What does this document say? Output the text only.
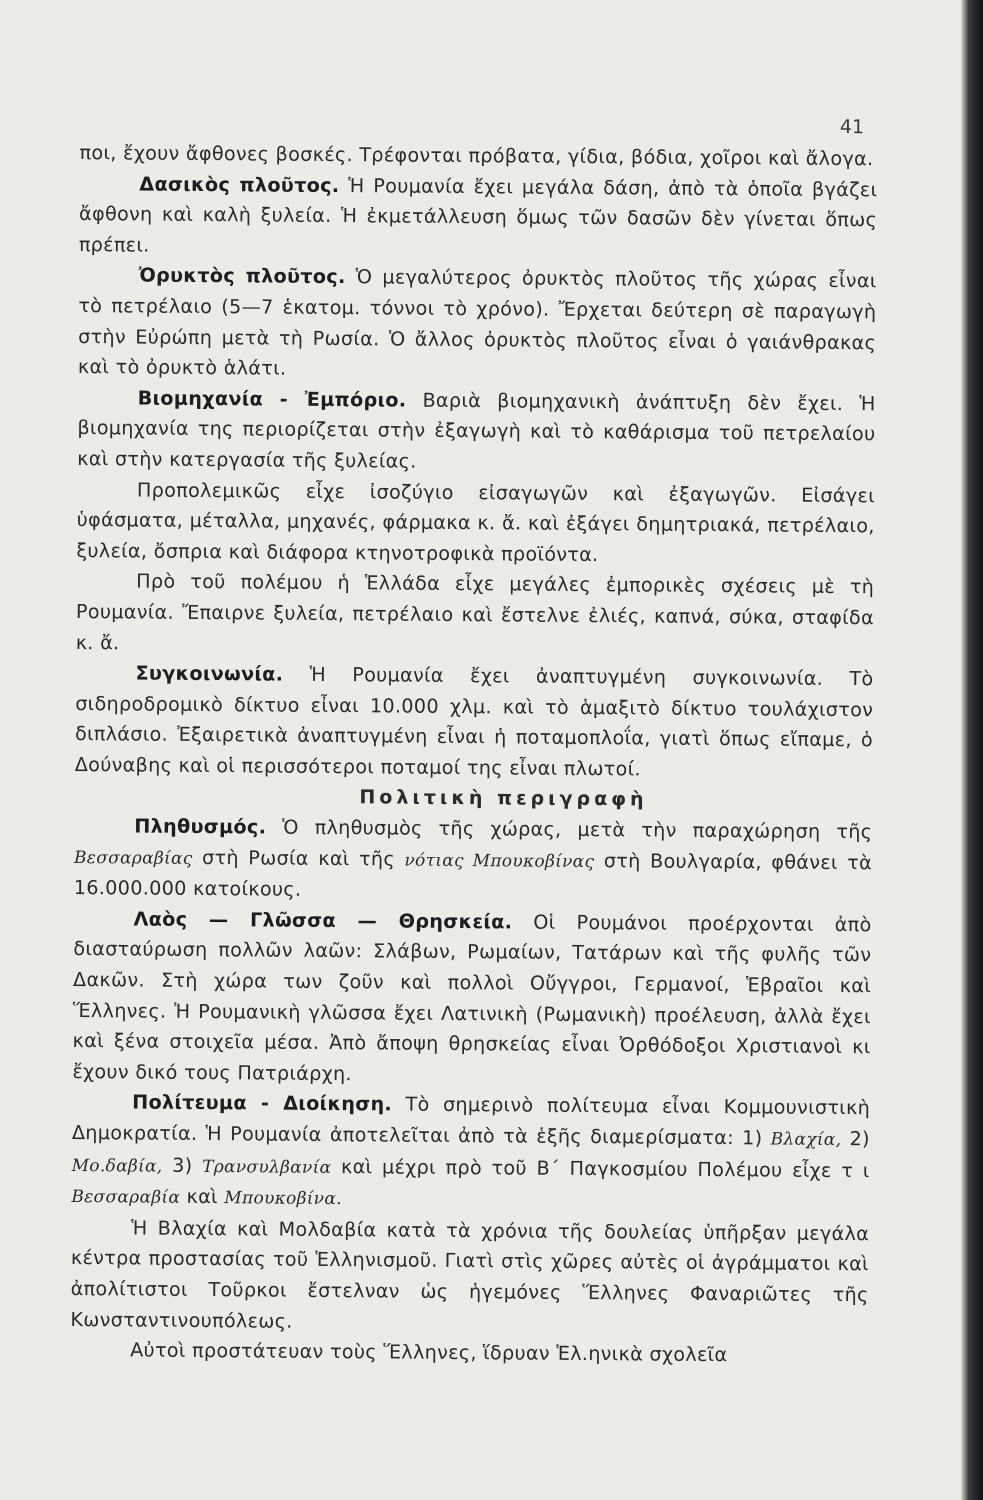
41

ποι, ἔχουν ἄφθονες βοσκές. Τρέφονται πρόβατα, γίδια, βόδια, χοῖροι καὶ ἄλογα.

Δασικὸς πλοῦτος. Ἡ Ρουμανία ἔχει μεγάλα δάση, ἀπὸ τὰ ὁποῖα βγάζει ἄφθονη καὶ καλὴ ξυλεία. Ἡ ἐκμετάλλευση ὅμως τῶν δασῶν δὲν γίνεται ὅπως πρέπει.

Ὀρυκτὸς πλοῦτος. Ὁ μεγαλύτερος ὀρυκτὸς πλοῦτος τῆς χώρας εἶναι τὸ πετρέλαιο (5—7 ἑκατομ. τόννοι τὸ χρόνο). Ἔρχεται δεύτερη σὲ παραγωγὴ στὴν Εὐρώπη μετὰ τὴ Ρωσία. Ὁ ἄλλος ὀρυκτὸς πλοῦτος εἶναι ὁ γαιάνθρακας καὶ τὸ ὀρυκτὸ ἁλάτι.

Βιομηχανία - Ἐμπόριο. Βαριὰ βιομηχανικὴ ἀνάπτυξη δὲν ἔχει. Ἡ βιομηχανία της περιορίζεται στὴν ἐξαγωγὴ καὶ τὸ καθάρισμα τοῦ πετρελαίου καὶ στὴν κατεργασία τῆς ξυλείας.

Προπολεμικῶς εἶχε ἰσοζύγιο εἰσαγωγῶν καὶ ἐξαγωγῶν. Εἰσάγει ὑφάσματα, μέταλλα, μηχανές, φάρμακα κ. ἄ. καὶ ἐξάγει δημητριακά, πετρέλαιο, ξυλεία, ὄσπρια καὶ διάφορα κτηνοτροφικὰ προϊόντα.

Πρὸ τοῦ πολέμου ἡ Ἑλλάδα εἶχε μεγάλες ἐμπορικὲς σχέσεις μὲ τὴ Ρουμανία. Ἔπαιρνε ξυλεία, πετρέλαιο καὶ ἔστελνε ἐλιές, καπνά, σύκα, σταφίδα κ. ἄ.

Συγκοινωνία. Ἡ Ρουμανία ἔχει ἀναπτυγμένη συγκοινωνία. Τὸ σιδηροδρομικὸ δίκτυο εἶναι 10.000 χλμ. καὶ τὸ ἁμαξιτὸ δίκτυο τουλάχιστον διπλάσιο. Ἐξαιρετικὰ ἀναπτυγμένη εἶναι ἡ ποταμοπλοΐα, γιατὶ ὅπως εἴπαμε, ὁ Δούναβης καὶ οἱ περισσότεροι ποταμοί της εἶναι πλωτοί.

Πολιτικὴ περιγραφὴ

Πληθυσμός. Ὁ πληθυσμὸς τῆς χώρας, μετὰ τὴν παραχώρηση τῆς Βεσσαραβίας στὴ Ρωσία καὶ τῆς νότιας Μπουκοβίνας στὴ Βουλγαρία, φθάνει τὰ 16.000.000 κατοίκους.

Λαὸς — Γλῶσσα — Θρησκεία. Οἱ Ρουμάνοι προέρχονται ἀπὸ διασταύρωση πολλῶν λαῶν: Σλάβων, Ρωμαίων, Τατάρων καὶ τῆς φυλῆς τῶν Δακῶν. Στὴ χώρα των ζοῦν καὶ πολλοὶ Οὔγγροι, Γερμανοί, Ἑβραῖοι καὶ Ἕλληνες. Ἡ Ρουμανικὴ γλῶσσα ἔχει Λατινικὴ (Ρωμανικὴ) προέλευση, ἀλλὰ ἔχει καὶ ξένα στοιχεῖα μέσα. Ἀπὸ ἄποψη θρησκείας εἶναι Ὀρθόδοξοι Χριστιανοὶ κι ἔχουν δικό τους Πατριάρχη.

Πολίτευμα - Διοίκηση. Τὸ σημερινὸ πολίτευμα εἶναι Κομμουνιστικὴ Δημοκρατία. Ἡ Ρουμανία ἀποτελεῖται ἀπὸ τὰ ἑξῆς διαμερίσματα: 1) Βλαχία, 2) Μο.δαβία, 3) Τρανσυλβανία καὶ μέχρι πρὸ τοῦ Β΄ Παγκοσμίου Πολέμου εἶχε τ ι Βεσσαραβία καὶ Μπουκοβίνα.

Ἡ Βλαχία καὶ Μολδαβία κατὰ τὰ χρόνια τῆς δουλείας ὑπῆρξαν μεγάλα κέντρα προστασίας τοῦ Ἑλληνισμοῦ. Γιατὶ στὶς χῶρες αὐτὲς οἱ ἀγράμματοι καὶ ἀπολίτιστοι Τοῦρκοι ἔστελναν ὡς ἡγεμόνες Ἕλληνες Φαναριῶτες τῆς Κωνσταντινουπόλεως.

Αὐτοὶ προστάτευαν τοὺς Ἕλληνες, ἵδρυαν Ἑλ.ηνικὰ σχολεῖα
